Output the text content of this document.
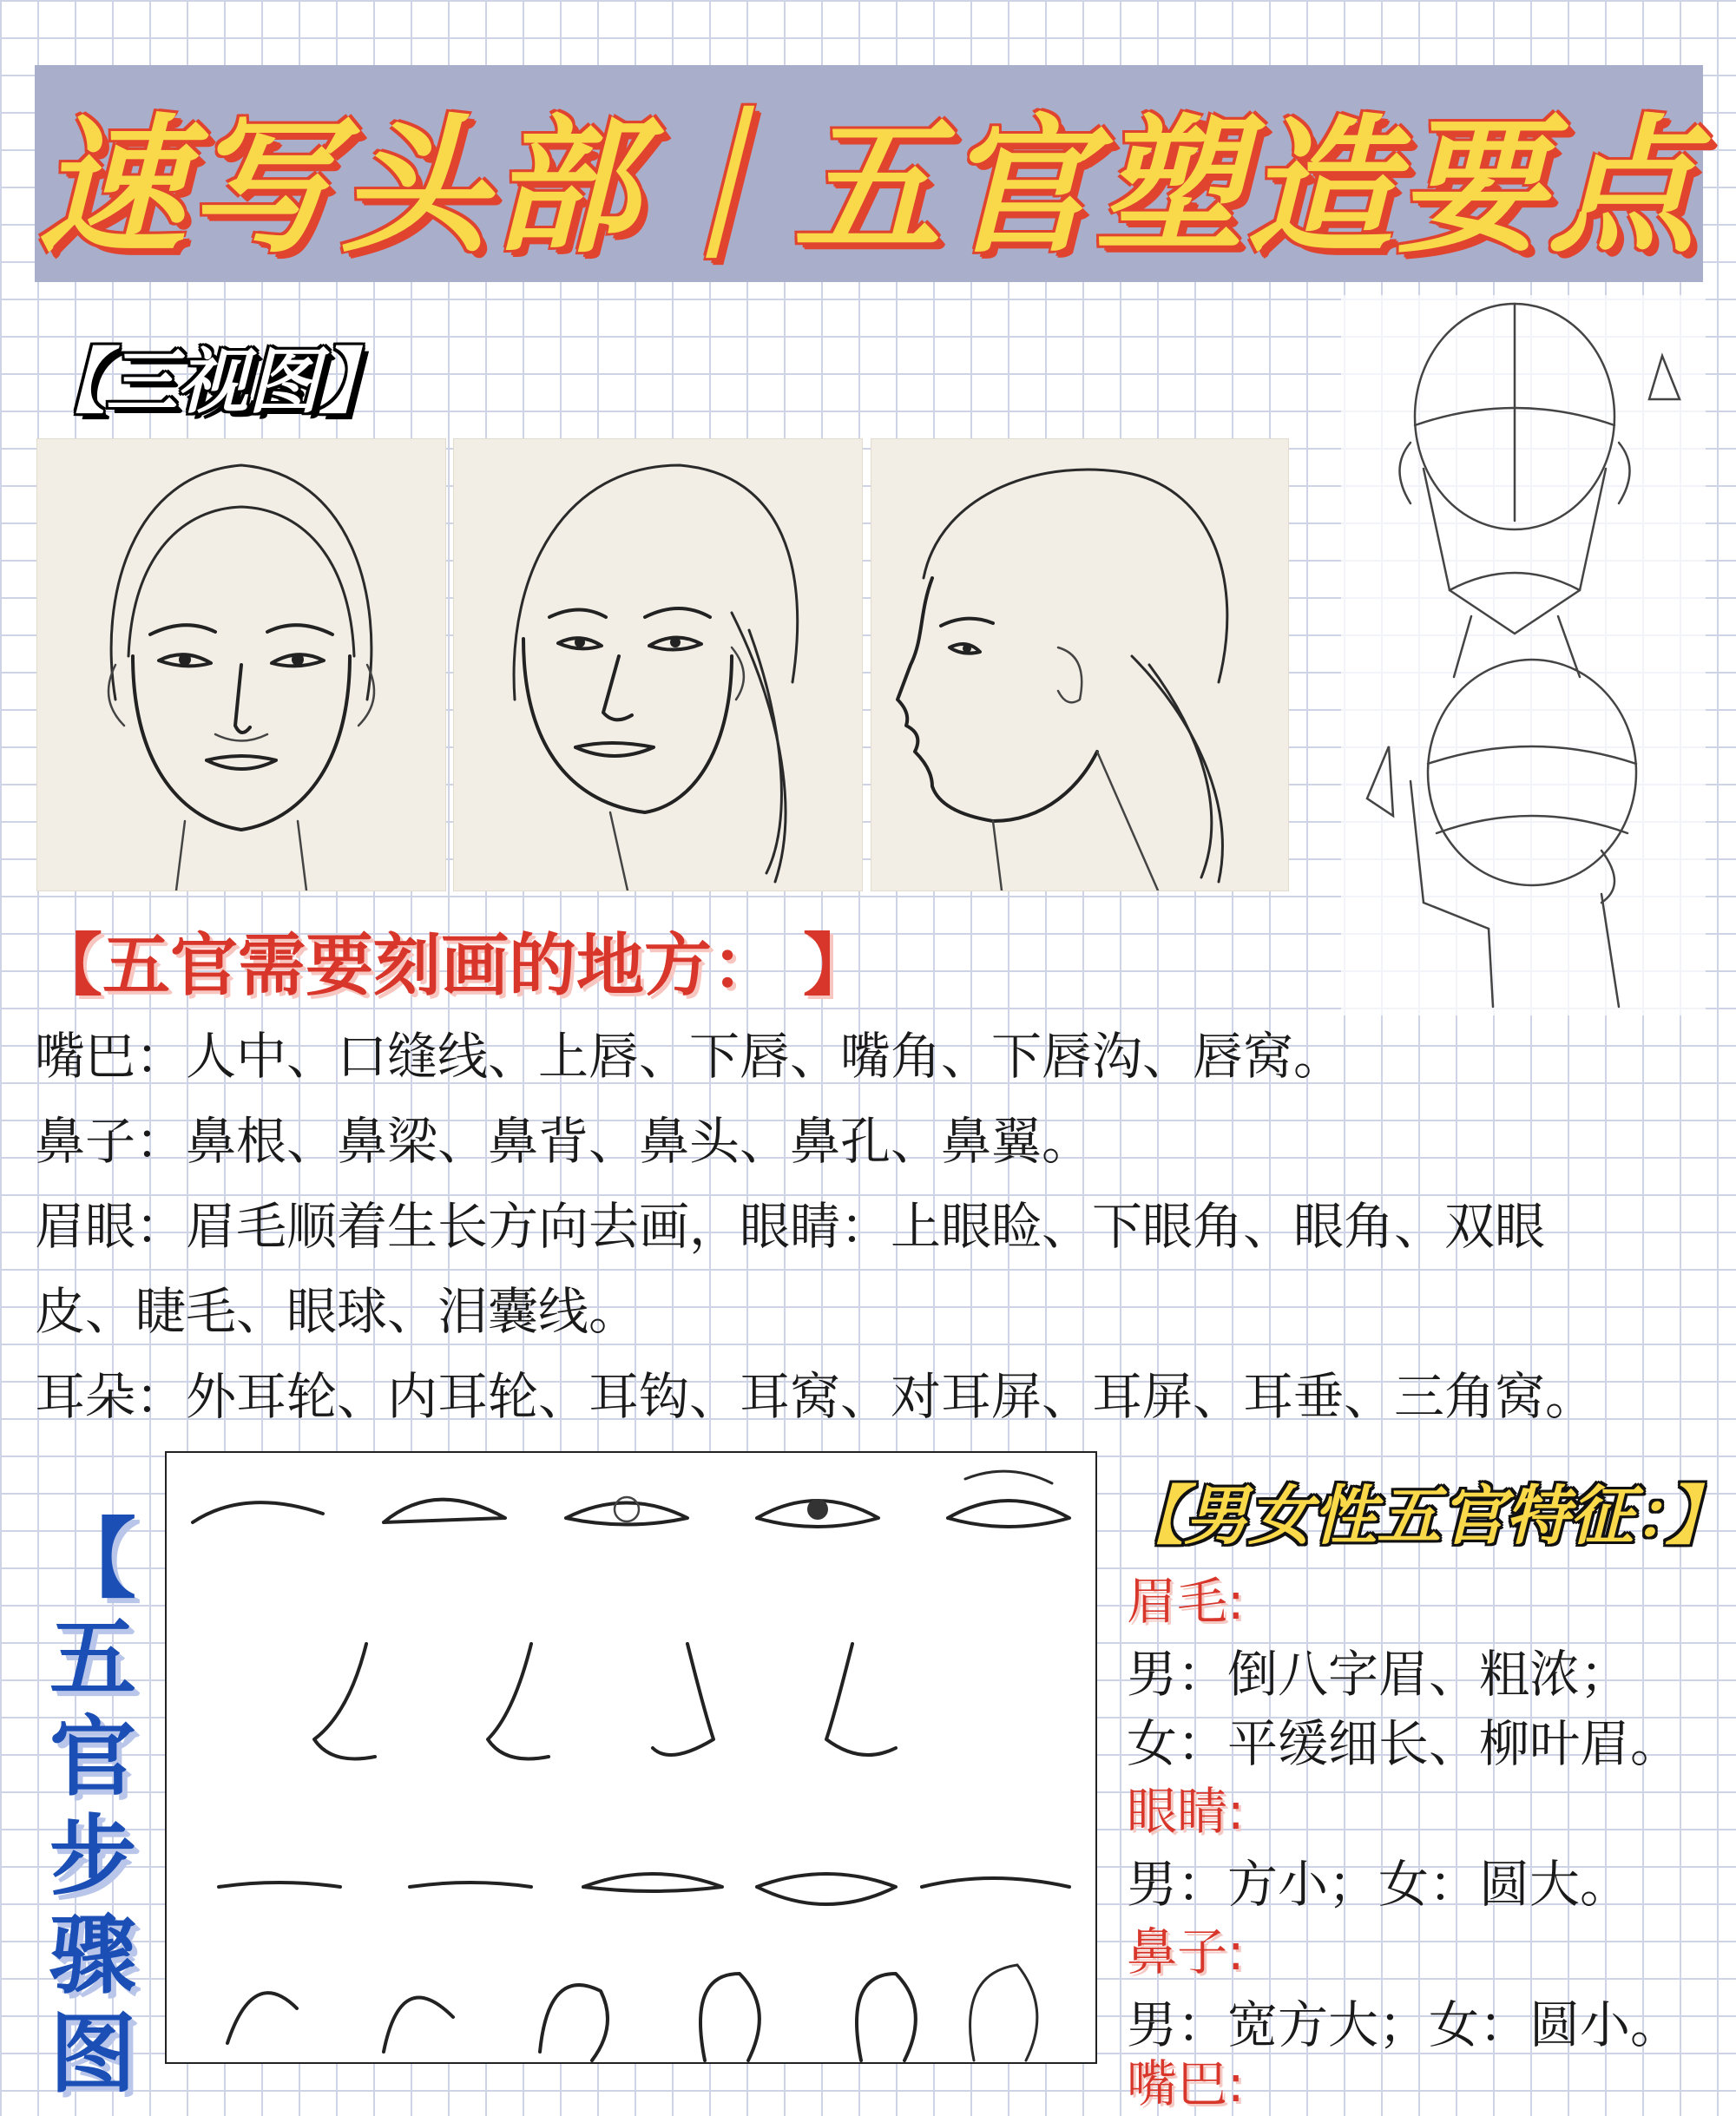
速写头部｜五官塑造要点
【三视图】
【五官需要刻画的地方： 】
嘴巴：人中、口缝线、上唇、下唇、嘴角、下唇沟、唇窝。
鼻子：鼻根、鼻梁、鼻背、鼻头、鼻孔、鼻翼。
眉眼：眉毛顺着生长方向去画，眼睛：上眼睑、下眼角、眼角、双眼
皮、睫毛、眼球、泪囊线。
耳朵：外耳轮、内耳轮、耳钩、耳窝、对耳屏、耳屏、耳垂、三角窝。
【
五
官
步
骤
图
【男女性五官特征：】
眉毛:
男：倒八字眉、粗浓；
女：平缓细长、柳叶眉。
眼睛:
男：方小；女：圆大。
鼻子:
男：宽方大；女：圆小。
嘴巴:
